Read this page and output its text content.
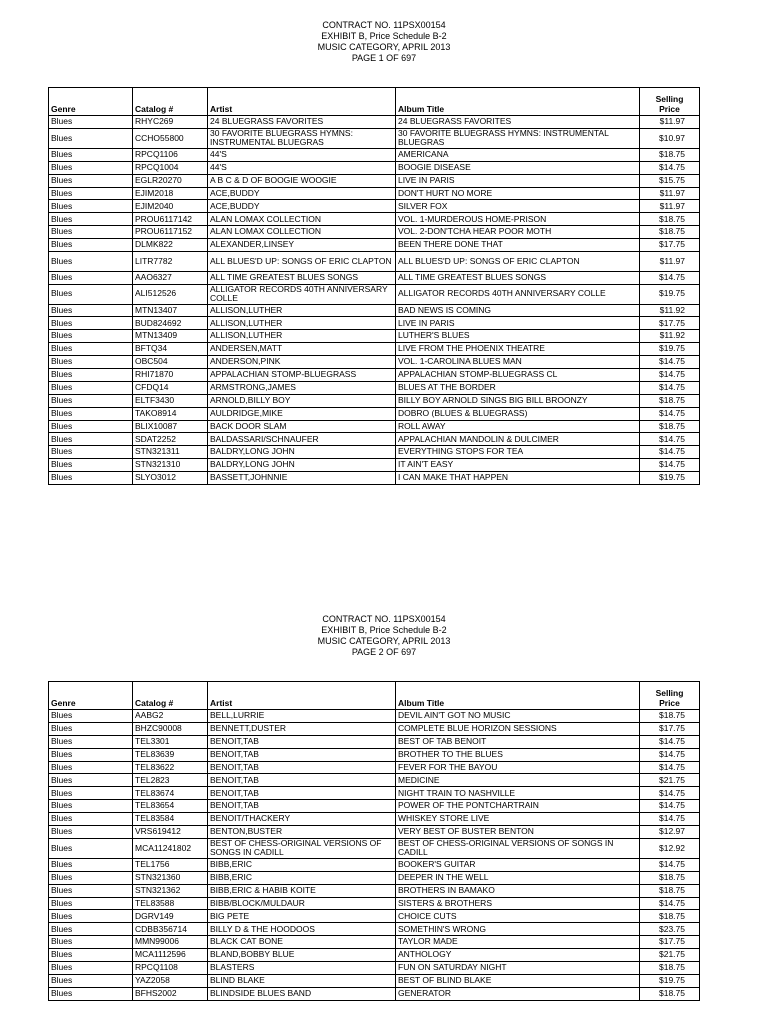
CONTRACT NO. 11PSX00154
EXHIBIT B, Price Schedule B-2
MUSIC CATEGORY, APRIL 2013
PAGE 1 OF 697
Genre	Catalog #	Artist	Album Title	Selling
Price
Blues	RHYC269	24 BLUEGRASS FAVORITES	24 BLUEGRASS FAVORITES	$11.97
Blues	CCHO55800	30 FAVORITE BLUEGRASS HYMNS: INSTRUMENTAL BLUEGRAS	30 FAVORITE BLUEGRASS HYMNS: INSTRUMENTAL BLUEGRAS	$10.97
Blues	RPCQ1106	44'S	AMERICANA	$18.75
Blues	RPCQ1004	44'S	BOOGIE DISEASE	$14.75
Blues	EGLR20270	A B C & D OF BOOGIE WOOGIE	LIVE IN PARIS	$15.75
Blues	EJIM2018	ACE,BUDDY	DON'T HURT NO MORE	$11.97
Blues	EJIM2040	ACE,BUDDY	SILVER FOX	$11.97
Blues	PROU6117142	ALAN LOMAX COLLECTION	VOL. 1-MURDEROUS HOME-PRISON	$18.75
Blues	PROU6117152	ALAN LOMAX COLLECTION	VOL. 2-DON'TCHA HEAR POOR MOTH	$18.75
Blues	DLMK822	ALEXANDER,LINSEY	BEEN THERE DONE THAT	$17.75
Blues	LITR7782	ALL BLUES'D UP: SONGS OF ERIC CLAPTON	ALL BLUES'D UP: SONGS OF ERIC CLAPTON	$11.97
Blues	AAO6327	ALL TIME GREATEST BLUES SONGS	ALL TIME GREATEST BLUES SONGS	$14.75
Blues	ALI512526	ALLIGATOR RECORDS 40TH ANNIVERSARY COLLE	ALLIGATOR RECORDS 40TH ANNIVERSARY COLLE	$19.75
Blues	MTN13407	ALLISON,LUTHER	BAD NEWS IS COMING	$11.92
Blues	BUD824692	ALLISON,LUTHER	LIVE IN PARIS	$17.75
Blues	MTN13409	ALLISON,LUTHER	LUTHER'S BLUES	$11.92
Blues	BFTQ34	ANDERSEN,MATT	LIVE FROM THE PHOENIX THEATRE	$19.75
Blues	OBC504	ANDERSON,PINK	VOL. 1-CAROLINA BLUES MAN	$14.75
Blues	RHI71870	APPALACHIAN STOMP-BLUEGRASS	APPALACHIAN STOMP-BLUEGRASS CL	$14.75
Blues	CFDQ14	ARMSTRONG,JAMES	BLUES AT THE BORDER	$14.75
Blues	ELTF3430	ARNOLD,BILLY BOY	BILLY BOY ARNOLD SINGS BIG BILL BROONZY	$18.75
Blues	TAKO8914	AULDRIDGE,MIKE	DOBRO (BLUES & BLUEGRASS)	$14.75
Blues	BLIX10087	BACK DOOR SLAM	ROLL AWAY	$18.75
Blues	SDAT2252	BALDASSARI/SCHNAUFER	APPALACHIAN MANDOLIN & DULCIMER	$14.75
Blues	STN321311	BALDRY,LONG JOHN	EVERYTHING STOPS FOR TEA	$14.75
Blues	STN321310	BALDRY,LONG JOHN	IT AIN'T EASY	$14.75
Blues	SLYO3012	BASSETT,JOHNNIE	I CAN MAKE THAT HAPPEN	$19.75
CONTRACT NO. 11PSX00154
EXHIBIT B, Price Schedule B-2
MUSIC CATEGORY, APRIL 2013
PAGE 2 OF 697
Genre	Catalog #	Artist	Album Title	Selling
Price
Blues	AABG2	BELL,LURRIE	DEVIL AIN'T GOT NO MUSIC	$18.75
Blues	BHZC90008	BENNETT,DUSTER	COMPLETE BLUE HORIZON SESSIONS	$17.75
Blues	TEL3301	BENOIT,TAB	BEST OF TAB BENOIT	$14.75
Blues	TEL83639	BENOIT,TAB	BROTHER TO THE BLUES	$14.75
Blues	TEL83622	BENOIT,TAB	FEVER FOR THE BAYOU	$14.75
Blues	TEL2823	BENOIT,TAB	MEDICINE	$21.75
Blues	TEL83674	BENOIT,TAB	NIGHT TRAIN TO NASHVILLE	$14.75
Blues	TEL83654	BENOIT,TAB	POWER OF THE PONTCHARTRAIN	$14.75
Blues	TEL83584	BENOIT/THACKERY	WHISKEY STORE LIVE	$14.75
Blues	VRS619412	BENTON,BUSTER	VERY BEST OF BUSTER BENTON	$12.97
Blues	MCA11241802	BEST OF CHESS-ORIGINAL VERSIONS OF SONGS IN CADILL	BEST OF CHESS-ORIGINAL VERSIONS OF SONGS IN CADILL	$12.92
Blues	TEL1756	BIBB,ERIC	BOOKER'S GUITAR	$14.75
Blues	STN321360	BIBB,ERIC	DEEPER IN THE WELL	$18.75
Blues	STN321362	BIBB,ERIC & HABIB KOITE	BROTHERS IN BAMAKO	$18.75
Blues	TEL83588	BIBB/BLOCK/MULDAUR	SISTERS & BROTHERS	$14.75
Blues	DGRV149	BIG PETE	CHOICE CUTS	$18.75
Blues	CDBB356714	BILLY D & THE HOODOOS	SOMETHIN'S WRONG	$23.75
Blues	MMN99006	BLACK CAT BONE	TAYLOR MADE	$17.75
Blues	MCA1112596	BLAND,BOBBY BLUE	ANTHOLOGY	$21.75
Blues	RPCQ1108	BLASTERS	FUN ON SATURDAY NIGHT	$18.75
Blues	YAZ2058	BLIND BLAKE	BEST OF BLIND BLAKE	$19.75
Blues	BFHS2002	BLINDSIDE BLUES BAND	GENERATOR	$18.75
